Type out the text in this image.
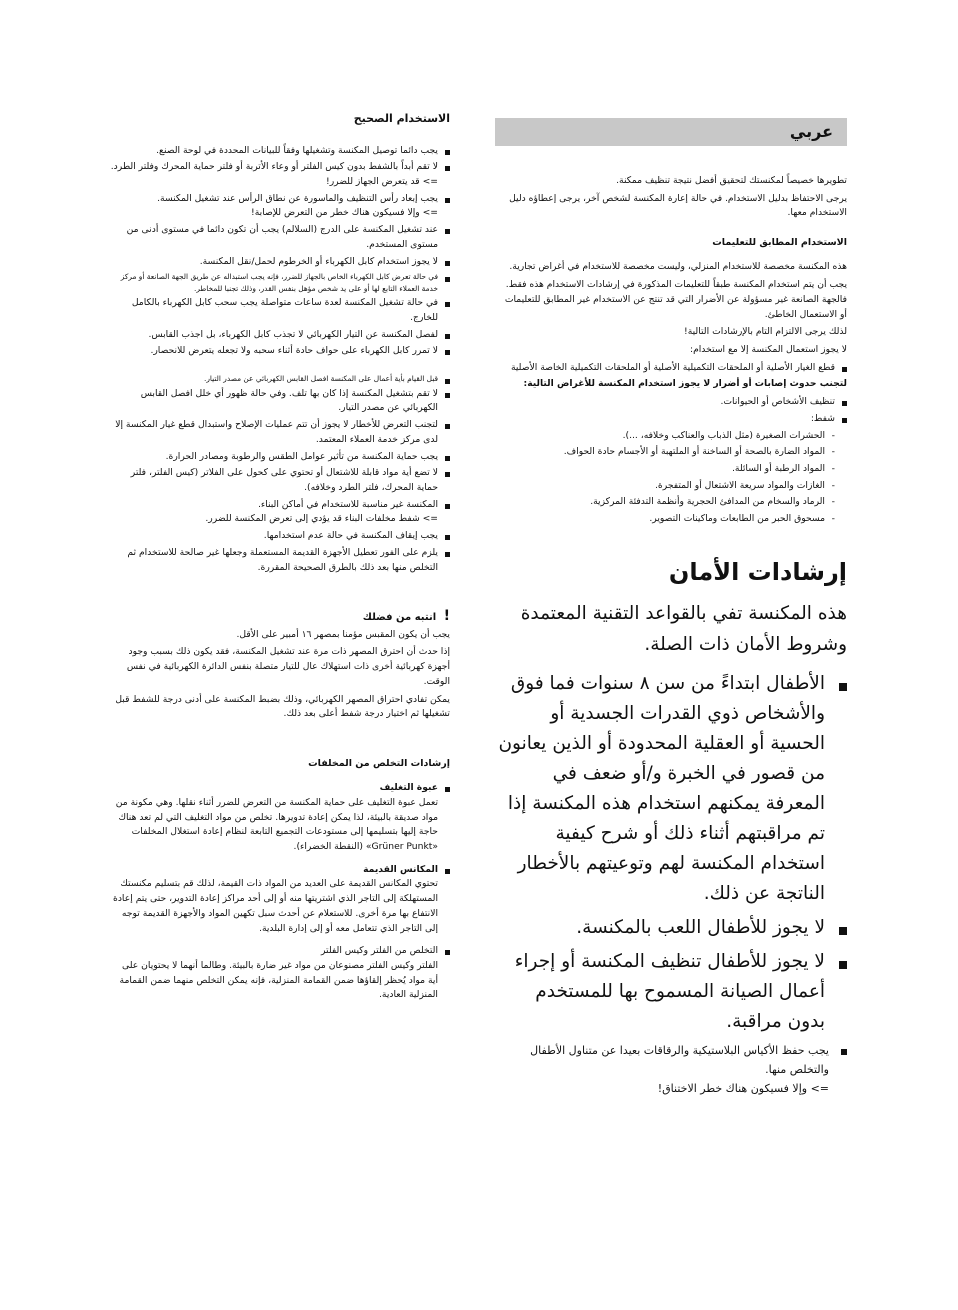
عربي

تطويرها خصيصاً لمكنستك لتحقيق أفضل نتيجة تنظيف ممكنة.

يرجى الاحتفاظ بدليل الاستخدام. في حالة إعارة المكنسة لشخص آخر، يرجى إعطاؤه دليل الاستخدام معها.

الاستخدام المطابق للتعليمات

هذه المكنسة مخصصة للاستخدام المنزلي، وليست مخصصة للاستخدام في أغراض تجارية.

يجب أن يتم استخدام المكنسة طبقاً للتعليمات المذكورة في إرشادات الاستخدام هذه فقط. فالجهة الصانعة غير مسؤولة عن الأضرار التي قد تنتج عن الاستخدام غير المطابق للتعليمات أو الاستعمال الخاطئ.

لذلك يرجى الالتزام التام بالإرشادات التالية!

لا يجوز استعمال المكنسة إلا مع استخدام:

قطع الغيار الأصلية أو الملحقات التكميلية الأصلية أو الملحقات التكميلية الخاصة الأصلية

لتجنب حدوث إصابات أو أضرار لا يجوز استخدام المكنسة للأغراض التالية:

تنظيف الأشخاص أو الحيوانات.
شفط:
- الحشرات الصغيرة (مثل الذباب والعناكب وخلافه، ...).
- المواد الضارة بالصحة أو الساخنة أو الملتهبة أو الأجسام حادة الحواف.
- المواد الرطبة أو السائلة.
- الغازات والمواد سريعة الاشتعال أو المتفجرة.
- الرماد والسخام من المدافئ الحجرية وأنظمة التدفئة المركزية.
- مسحوق الحبر من الطابعات وماكينات التصوير.
إرشادات الأمان

هذه المكنسة تفي بالقواعد التقنية المعتمدة وشروط الأمان ذات الصلة.

الأطفال ابتداءً من سن ٨ سنوات فما فوق والأشخاص ذوي القدرات الجسدية أو الحسية أو العقلية المحدودة أو الذين يعانون من قصور في الخبرة و/أو ضعف في المعرفة يمكنهم استخدام هذه المكنسة إذا تم مراقبتهم أثناء ذلك أو شرح كيفية استخدام المكنسة لهم وتوعيتهم بالأخطار الناتجة عن ذلك.
لا يجوز للأطفال اللعب بالمكنسة.
لا يجوز للأطفال تنظيف المكنسة أو إجراء أعمال الصيانة المسموح بها للمستخدم بدون مراقبة.
يجب حفظ الأكياس البلاستيكية والرقاقات بعيدا عن متناول الأطفال والتخلص منها.
=> وإلا فسيكون هناك خطر الاختناق!
الاستخدام الصحيح
يجب دائما توصيل المكنسة وتشغيلها وفقاً للبيانات المحددة في لوحة الصنع.
لا تقم أبداً بالشفط بدون كيس الفلتر أو وعاء الأتربة أو فلتر حماية المحرك وفلتر الطرد.
=> قد يتعرض الجهاز للضرر!
يجب إبعاد رأس التنظيف والماسورة عن نطاق الرأس عند تشغيل المكنسة.
=> وإلا فسيكون هناك خطر من التعرض للإصابة!
عند تشغيل المكنسة على الدرج (السلالم) يجب أن تكون دائما في مستوى أدنى من مستوى المستخدم.
لا يجوز استخدام كابل الكهرباء أو الخرطوم لحمل/نقل المكنسة.
في حالة تعرض كابل الكهرباء الخاص بالجهاز للضرر، فإنه يجب استبداله عن طريق الجهة الصانعة أو مركز خدمة العملاء التابع لها أو على يد شخص مؤهل بنفس القدر، وذلك تجنبا للمخاطر.
في حالة تشغيل المكنسة لعدة ساعات متواصلة يجب سحب كابل الكهرباء بالكامل للخارج.
لفصل المكنسة عن التيار الكهربائي لا تجذب كابل الكهرباء، بل اجذب القابس.
لا تمرر كابل الكهرباء على حواف حادة أثناء سحبه ولا تجعله يتعرض للانحصار.
قبل القيام بأية أعمال على المكنسة افصل القابس الكهربائي عن مصدر التيار.
لا تقم بتشغيل المكنسة إذا كان بها تلف. وفي حالة ظهور أي خلل افصل القابس الكهربائي عن مصدر التيار.
لتجنب التعرض للأخطار لا يجوز أن تتم عمليات الإصلاح واستبدال قطع غيار المكنسة إلا لدى مركز خدمة العملاء المعتمد.
يجب حماية المكنسة من تأثير عوامل الطقس والرطوبة ومصادر الحرارة.
لا تضع أية مواد قابلة للاشتعال أو تحتوي على كحول على الفلاتر (كيس الفلتر، فلتر حماية المحرك، فلتر الطرد وخلافه).
المكنسة غير مناسبة للاستخدام في أماكن البناء.
=> شفط مخلفات البناء قد يؤدي إلى تعرض المكنسة للضرر.
يجب إيقاف المكنسة في حالة عدم استخدامها.
يلزم على الفور تعطيل الأجهزة القديمة المستعملة وجعلها غير صالحة للاستخدام ثم التخلص منها بعد ذلك بالطرق الصحيحة المقررة.
! انتبه من فضلك

يجب أن يكون المقبس مؤمنا بمصهر ١٦ أمبير على الأقل.

إذا حدث أن احترق المصهر ذات مرة عند تشغيل المكنسة، فقد يكون ذلك بسبب وجود أجهزة كهربائية أخرى ذات استهلاك عال للتيار متصلة بنفس الدائرة الكهربائية في نفس الوقت.

يمكن تفادي احتراق المصهر الكهربائي، وذلك بضبط المكنسة على أدنى درجة للشفط قبل تشغيلها ثم اختيار درجة شفط أعلى بعد ذلك.

إرشادات التخلص من المخلفات
عبوة التغليف
تعمل عبوة التغليف على حماية المكنسة من التعرض للضرر أثناء نقلها. وهي مكونة من مواد صديقة بالبيئة، لذا يمكن إعادة تدويرها. تخلص من مواد التغليف التي لم تعد هناك حاجة إليها بتسليمها إلى مستودعات التجميع التابعة لنظام إعادة استغلال المخلفات «Grüner Punkt» (النقطة الخضراء).
المكانس القديمة
تحتوي المكانس القديمة على العديد من المواد ذات القيمة، لذلك قم بتسليم مكنستك المستهلكة إلى التاجر الذي اشتريتها منه أو إلى أحد مراكز إعادة التدوير، حتى يتم إعادة الانتفاع بها مرة أخرى. للاستعلام عن أحدث سبل تكهين المواد والأجهزة القديمة توجه إلى التاجر الذي تتعامل معه أو إلى إدارة البلدية.
التخلص من الفلتر وكيس الفلتر
الفلتر وكيس الفلتر مصنوعان من مواد غير ضارة بالبيئة. وطالما أنهما لا يحتويان على أية مواد يُحظر إلقاؤها ضمن القمامة المنزلية، فإنه يمكن التخلص منهما ضمن القمامة المنزلية العادية.
